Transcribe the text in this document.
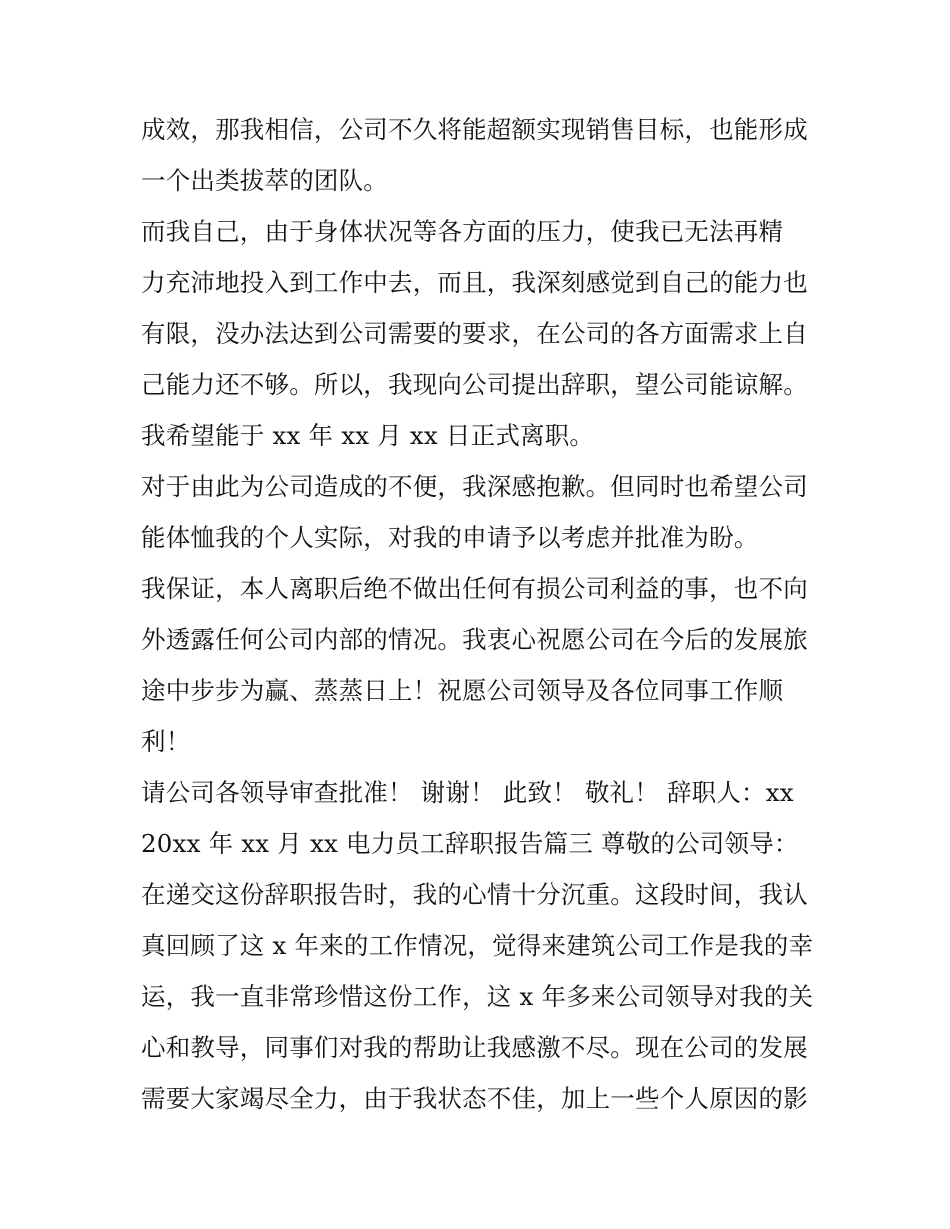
成效，那我相信，公司不久将能超额实现销售目标，也能形成
一个出类拔萃的团队。
而我自己，由于身体状况等各方面的压力，使我已无法再精
力充沛地投入到工作中去，而且，我深刻感觉到自己的能力也
有限，没办法达到公司需要的要求，在公司的各方面需求上自
己能力还不够。所以，我现向公司提出辞职，望公司能谅解。
我希望能于 xx 年 xx 月 xx 日正式离职。
对于由此为公司造成的不便，我深感抱歉。但同时也希望公司
能体恤我的个人实际，对我的申请予以考虑并批准为盼。
我保证，本人离职后绝不做出任何有损公司利益的事，也不向
外透露任何公司内部的情况。我衷心祝愿公司在今后的发展旅
途中步步为赢、蒸蒸日上！祝愿公司领导及各位同事工作顺
利！
请公司各领导审查批准！ 谢谢！ 此致！ 敬礼！ 辞职人：xx
20xx 年 xx 月 xx 电力员工辞职报告篇三 尊敬的公司领导：
在递交这份辞职报告时，我的心情十分沉重。这段时间，我认
真回顾了这 x 年来的工作情况，觉得来建筑公司工作是我的幸
运，我一直非常珍惜这份工作，这 x 年多来公司领导对我的关
心和教导，同事们对我的帮助让我感激不尽。现在公司的发展
需要大家竭尽全力，由于我状态不佳，加上一些个人原因的影
